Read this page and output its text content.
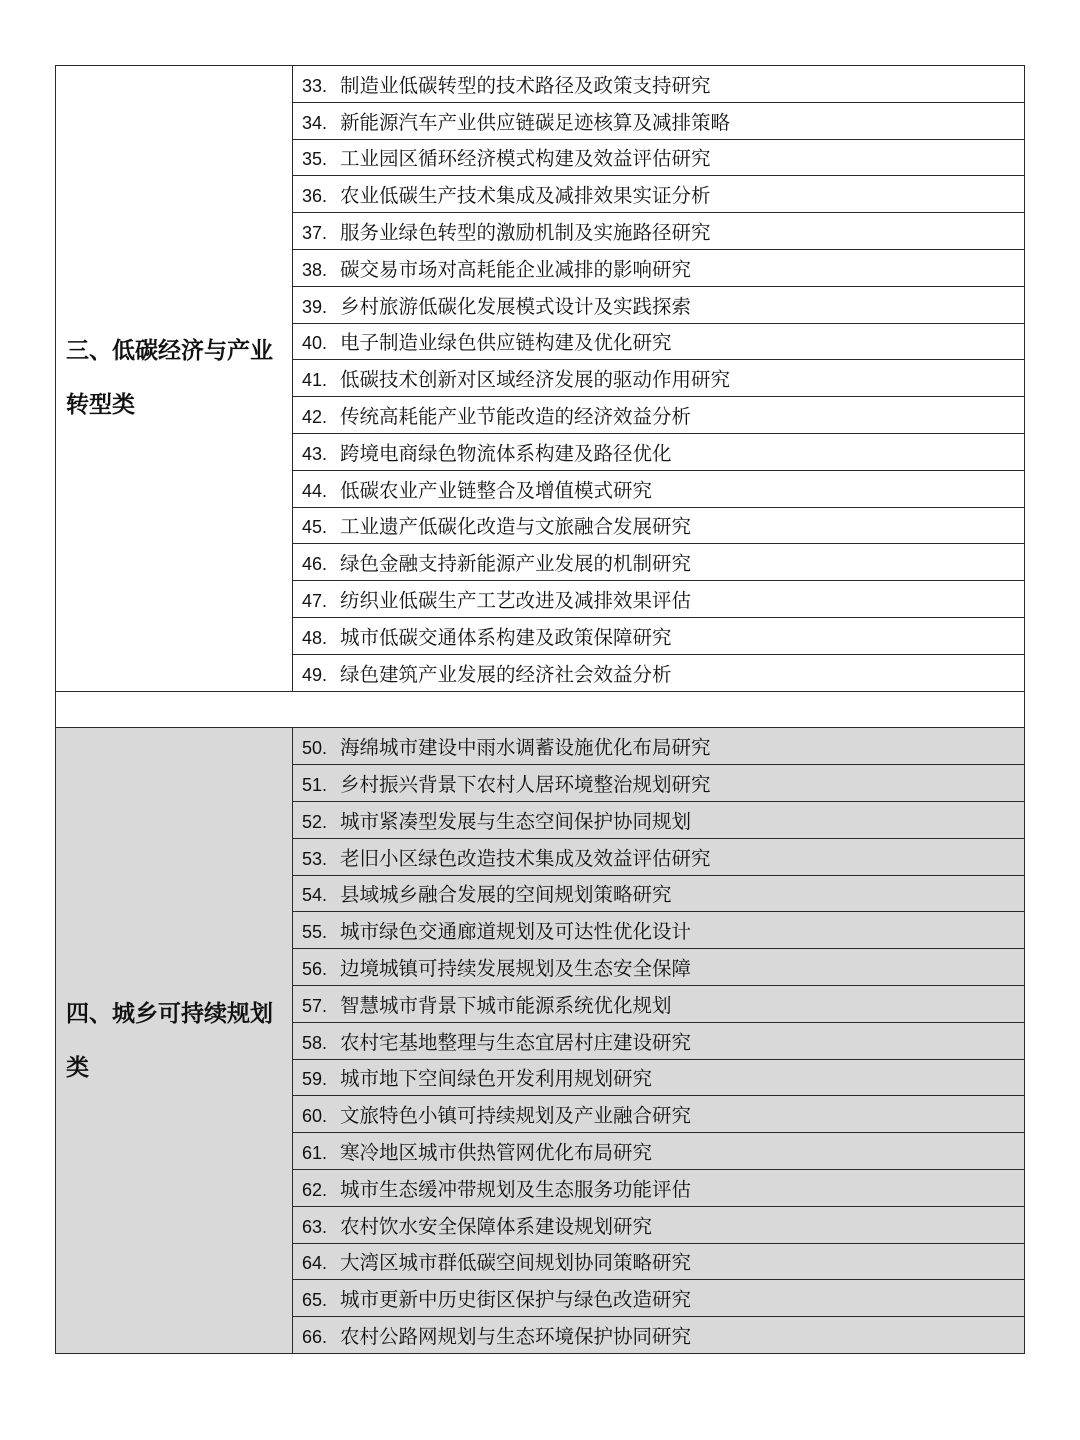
三、低碳经济与产业转型类	33. 制造业低碳转型的技术路径及政策支持研究
	34. 新能源汽车产业供应链碳足迹核算及减排策略
	35. 工业园区循环经济模式构建及效益评估研究
	36. 农业低碳生产技术集成及减排效果实证分析
	37. 服务业绿色转型的激励机制及实施路径研究
	38. 碳交易市场对高耗能企业减排的影响研究
	39. 乡村旅游低碳化发展模式设计及实践探索
	40. 电子制造业绿色供应链构建及优化研究
	41. 低碳技术创新对区域经济发展的驱动作用研究
	42. 传统高耗能产业节能改造的经济效益分析
	43. 跨境电商绿色物流体系构建及路径优化
	44. 低碳农业产业链整合及增值模式研究
	45. 工业遗产低碳化改造与文旅融合发展研究
	46. 绿色金融支持新能源产业发展的机制研究
	47. 纺织业低碳生产工艺改进及减排效果评估
	48. 城市低碳交通体系构建及政策保障研究
	49. 绿色建筑产业发展的经济社会效益分析

四、城乡可持续规划类	50. 海绵城市建设中雨水调蓄设施优化布局研究
	51. 乡村振兴背景下农村人居环境整治规划研究
	52. 城市紧凑型发展与生态空间保护协同规划
	53. 老旧小区绿色改造技术集成及效益评估研究
	54. 县域城乡融合发展的空间规划策略研究
	55. 城市绿色交通廊道规划及可达性优化设计
	56. 边境城镇可持续发展规划及生态安全保障
	57. 智慧城市背景下城市能源系统优化规划
	58. 农村宅基地整理与生态宜居村庄建设研究
	59. 城市地下空间绿色开发利用规划研究
	60. 文旅特色小镇可持续规划及产业融合研究
	61. 寒冷地区城市供热管网优化布局研究
	62. 城市生态缓冲带规划及生态服务功能评估
	63. 农村饮水安全保障体系建设规划研究
	64. 大湾区城市群低碳空间规划协同策略研究
	65. 城市更新中历史街区保护与绿色改造研究
	66. 农村公路网规划与生态环境保护协同研究
